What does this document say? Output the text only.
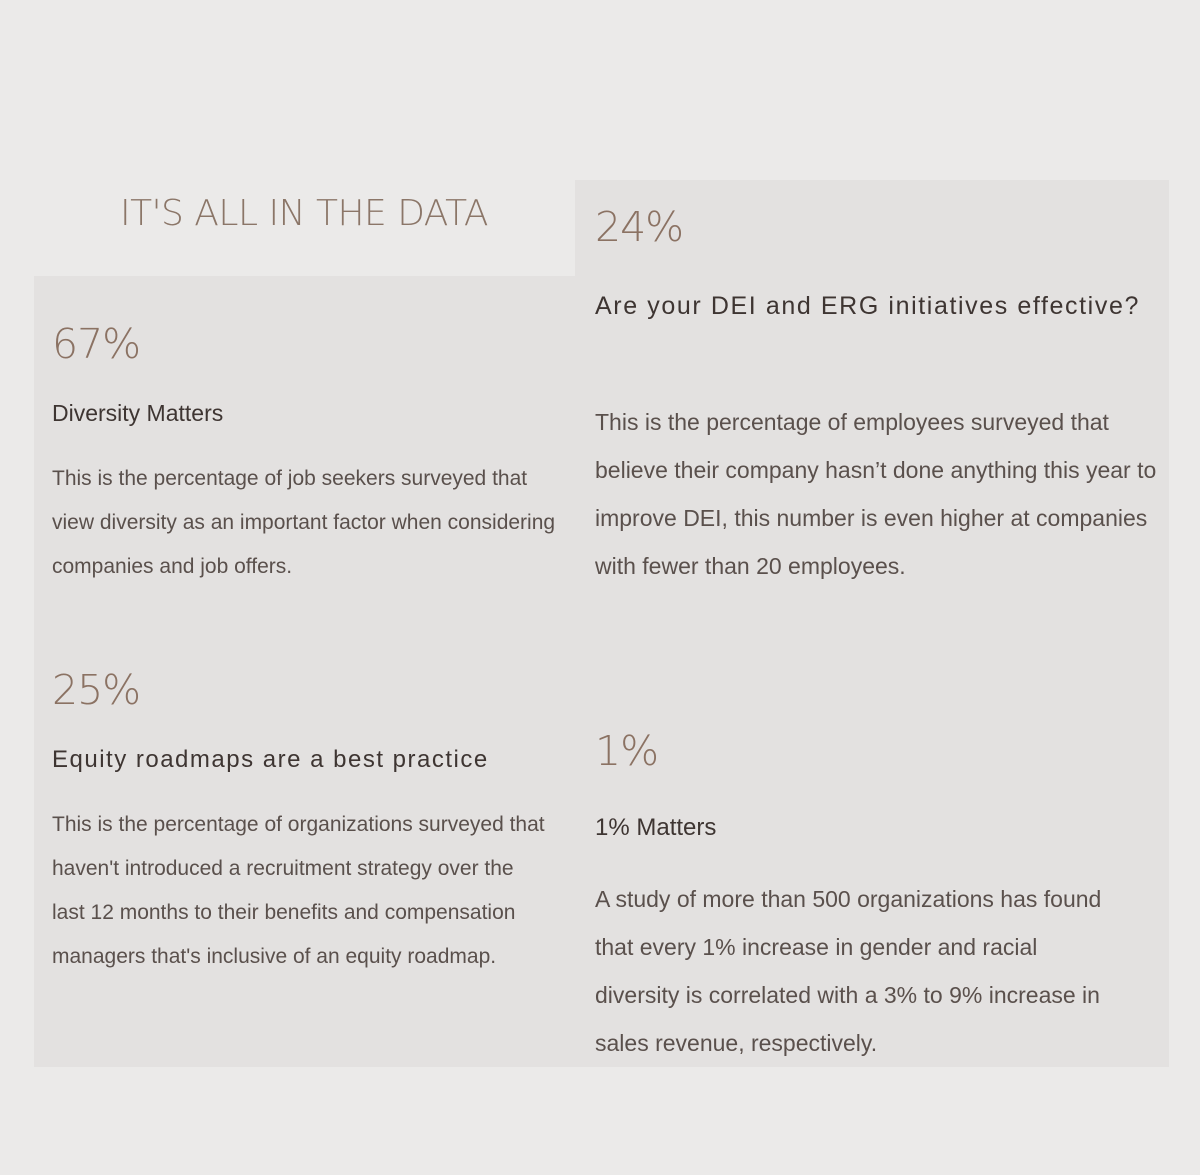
IT'S ALL IN THE DATA
67%
Diversity Matters
This is the percentage of job seekers surveyed that view diversity as an important factor when considering companies and job offers.
24%
Are your DEI and ERG initiatives effective?
This is the percentage of employees surveyed that believe their company hasn’t done anything this year to improve DEI, this number is even higher at companies with fewer than 20 employees.
25%
Equity roadmaps are a best practice
This is the percentage of organizations surveyed that haven't introduced a recruitment strategy over the last 12 months to their benefits and compensation managers that's inclusive of an equity roadmap.
1%
1% Matters
A study of more than 500 organizations has found that every 1% increase in gender and racial diversity is correlated with a 3% to 9% increase in sales revenue, respectively.
